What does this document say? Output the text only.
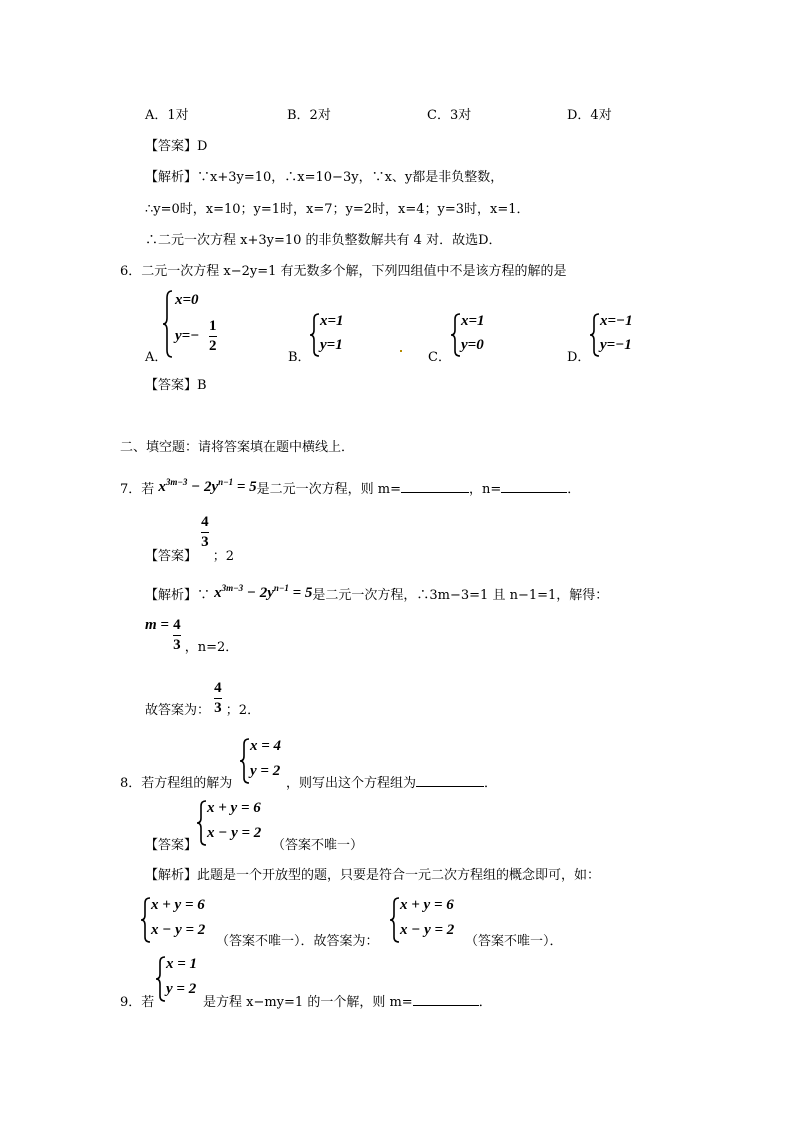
A．1对	B．2对	C．3对	D．4对
【答案】D
【解析】∵x+3y=10，∴x=10−3y，∵x、y都是非负整数，
∴y=0时，x=10；y=1时，x=7；y=2时，x=4；y=3时，x=1．
∴二元一次方程 x+3y=10 的非负整数解共有 4 对．故选D．
6．二元一次方程 x−2y=1 有无数多个解，下列四组值中不是该方程的解的是
A．
x=0
$y=- \frac{1}{2}$
B．
x=1
y=1
C．
x=1
y=0
D．
x=−1
y=−1
【答案】B
二、填空题：请将答案填在题中横线上．
7．若 $x^{3m-3} - 2y^{n-1} = 5$是二元一次方程，则 m=	，n=	．
【答案】
$\frac{4}{3}$
；2
【解析】∵ $x^{3m-3} - 2y^{n-1} = 5$是二元一次方程，∴3m−3=1 且 n−1=1，解得：
$m = \frac{4}{3}$ ，n=2．
故答案为： $\frac{4}{3}$ ；2．
8．若方程组的解为
x = 4
y = 2
，则写出这个方程组为	．
【答案】
x + y = 6
x − y = 2
（答案不唯一）
【解析】此题是一个开放型的题，只要是符合一元二次方程组的概念即可，如：
x + y = 6
x − y = 2
（答案不唯一）．故答案为：
x + y = 6
x − y = 2
（答案不唯一）．
9．若
x = 1
y = 2
是方程 x−my=1 的一个解，则 m=	．
